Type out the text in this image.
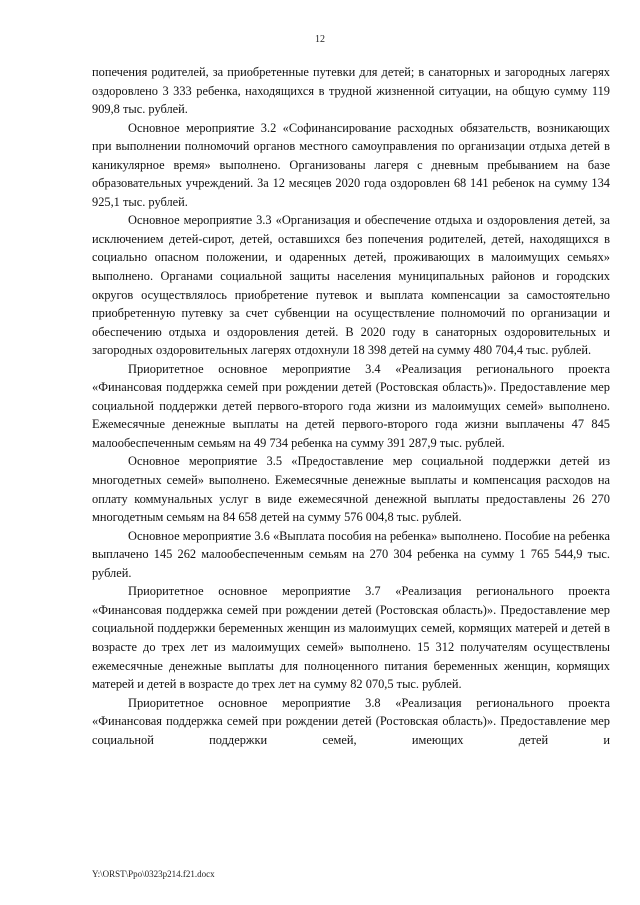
12

попечения родителей, за приобретенные путевки для детей; в санаторных и загородных лагерях оздоровлено 3 333 ребенка, находящихся в трудной жизненной ситуации, на общую сумму 119 909,8 тыс. рублей.

Основное мероприятие 3.2 «Софинансирование расходных обязательств, возникающих при выполнении полномочий органов местного самоуправления по организации отдыха детей в каникулярное время» выполнено. Организованы лагеря с дневным пребыванием на базе образовательных учреждений. За 12 месяцев 2020 года оздоровлен 68 141 ребенок на сумму 134 925,1 тыс. рублей.

Основное мероприятие 3.3 «Организация и обеспечение отдыха и оздоровления детей, за исключением детей-сирот, детей, оставшихся без попечения родителей, детей, находящихся в социально опасном положении, и одаренных детей, проживающих в малоимущих семьях» выполнено. Органами социальной защиты населения муниципальных районов и городских округов осуществлялось приобретение путевок и выплата компенсации за самостоятельно приобретенную путевку за счет субвенции на осуществление полномочий по организации и обеспечению отдыха и оздоровления детей. В 2020 году в санаторных оздоровительных и загородных оздоровительных лагерях отдохнули 18 398 детей на сумму 480 704,4 тыс. рублей.

Приоритетное основное мероприятие 3.4 «Реализация регионального проекта «Финансовая поддержка семей при рождении детей (Ростовская область)». Предоставление мер социальной поддержки детей первого-второго года жизни из малоимущих семей» выполнено. Ежемесячные денежные выплаты на детей первого-второго года жизни выплачены 47 845 малообеспеченным семьям на 49 734 ребенка на сумму 391 287,9 тыс. рублей.

Основное мероприятие 3.5 «Предоставление мер социальной поддержки детей из многодетных семей» выполнено. Ежемесячные денежные выплаты и компенсация расходов на оплату коммунальных услуг в виде ежемесячной денежной выплаты предоставлены 26 270 многодетным семьям на 84 658 детей на сумму 576 004,8 тыс. рублей.

Основное мероприятие 3.6 «Выплата пособия на ребенка» выполнено. Пособие на ребенка выплачено 145 262 малообеспеченным семьям на 270 304 ребенка на сумму 1 765 544,9 тыс. рублей.

Приоритетное основное мероприятие 3.7 «Реализация регионального проекта «Финансовая поддержка семей при рождении детей (Ростовская область)». Предоставление мер социальной поддержки беременных женщин из малоимущих семей, кормящих матерей и детей в возрасте до трех лет из малоимущих семей» выполнено. 15 312 получателям осуществлены ежемесячные денежные выплаты для полноценного питания беременных женщин, кормящих матерей и детей в возрасте до трех лет на сумму 82 070,5 тыс. рублей.

Приоритетное основное мероприятие 3.8 «Реализация регионального проекта «Финансовая поддержка семей при рождении детей (Ростовская область)». Предоставление мер социальной поддержки семей, имеющих детей и

Y:\ORST\Ppo\0323p214.f21.docx
